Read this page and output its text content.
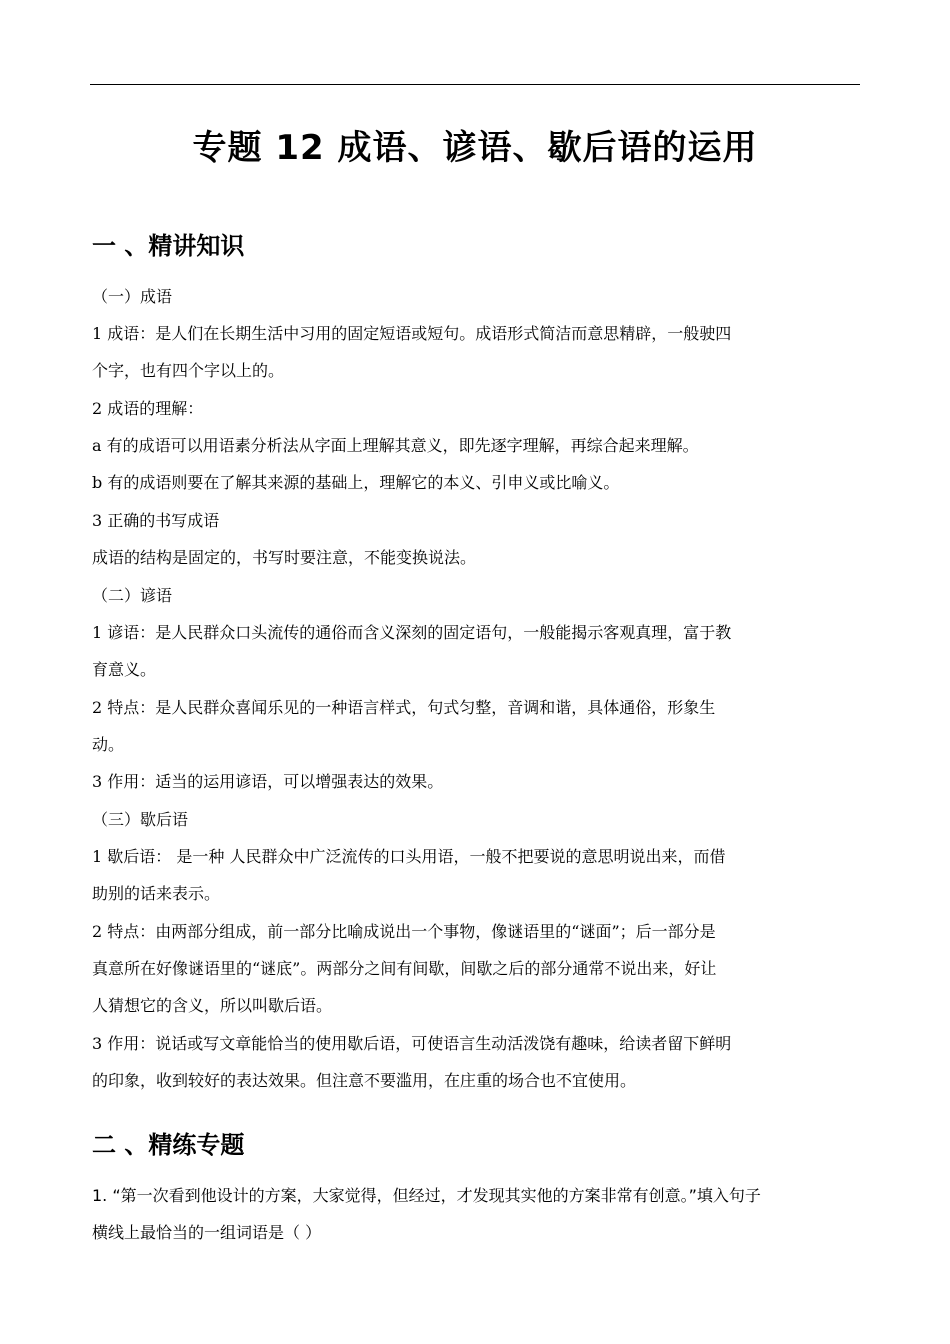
专题 12 成语、谚语、歇后语的运用
一 、精讲知识
（一）成语
1 成语：是人们在长期生活中习用的固定短语或短句。成语形式简洁而意思精辟，一般驶四
个字，也有四个字以上的。
2 成语的理解：
a 有的成语可以用语素分析法从字面上理解其意义，即先逐字理解，再综合起来理解。
b 有的成语则要在了解其来源的基础上，理解它的本义、引申义或比喻义。
3 正确的书写成语
成语的结构是固定的，书写时要注意，不能变换说法。
（二）谚语
1 谚语：是人民群众口头流传的通俗而含义深刻的固定语句，一般能揭示客观真理，富于教
育意义。
2 特点：是人民群众喜闻乐见的一种语言样式，句式匀整，音调和谐，具体通俗，形象生
动。
3 作用：适当的运用谚语，可以增强表达的效果。
（三）歇后语
1 歇后语： 是一种 人民群众中广泛流传的口头用语，一般不把要说的意思明说出来，而借
助别的话来表示。
2 特点：由两部分组成，前一部分比喻成说出一个事物，像谜语里的“谜面”；后一部分是
真意所在好像谜语里的“谜底”。两部分之间有间歇，间歇之后的部分通常不说出来，好让
人猜想它的含义，所以叫歇后语。
3 作用：说话或写文章能恰当的使用歇后语，可使语言生动活泼饶有趣味，给读者留下鲜明
的印象，收到较好的表达效果。但注意不要滥用，在庄重的场合也不宜使用。
二 、精练专题
1. “第一次看到他设计的方案，大家觉得，但经过，才发现其实他的方案非常有创意。”填入句子
横线上最恰当的一组词语是（ ）
